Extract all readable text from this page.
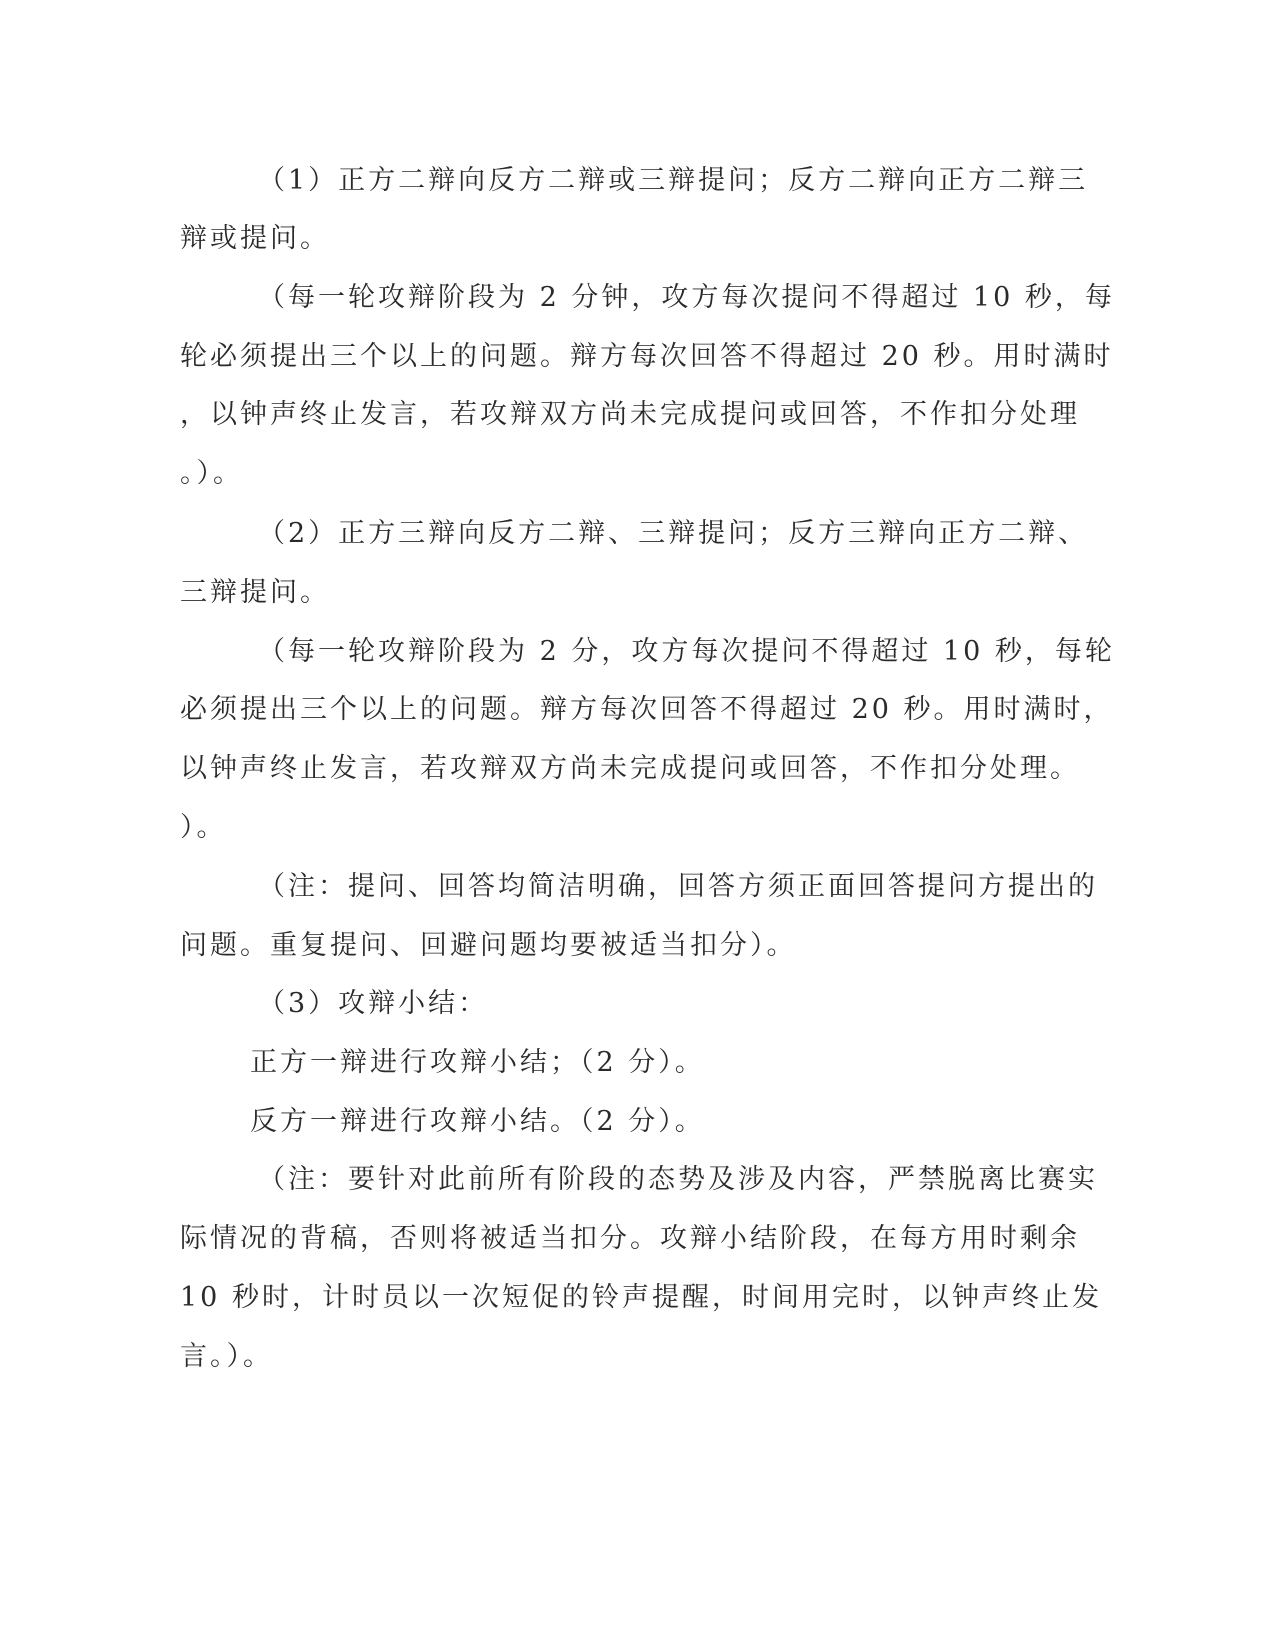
（1）正方二辩向反方二辩或三辩提问；反方二辩向正方二辩三
辩或提问。
（每一轮攻辩阶段为 2 分钟，攻方每次提问不得超过 10 秒，每
轮必须提出三个以上的问题。辩方每次回答不得超过 20 秒。用时满时
，以钟声终止发言，若攻辩双方尚未完成提问或回答，不作扣分处理
。）。
（2）正方三辩向反方二辩、三辩提问；反方三辩向正方二辩、
三辩提问。
（每一轮攻辩阶段为 2 分，攻方每次提问不得超过 10 秒，每轮
必须提出三个以上的问题。辩方每次回答不得超过 20 秒。用时满时，
以钟声终止发言，若攻辩双方尚未完成提问或回答，不作扣分处理。
）。
（注：提问、回答均简洁明确，回答方须正面回答提问方提出的
问题。重复提问、回避问题均要被适当扣分）。
（3）攻辩小结：
正方一辩进行攻辩小结；（2 分）。
反方一辩进行攻辩小结。（2 分）。
（注：要针对此前所有阶段的态势及涉及内容，严禁脱离比赛实
际情况的背稿，否则将被适当扣分。攻辩小结阶段，在每方用时剩余
10 秒时，计时员以一次短促的铃声提醒，时间用完时，以钟声终止发
言。）。
